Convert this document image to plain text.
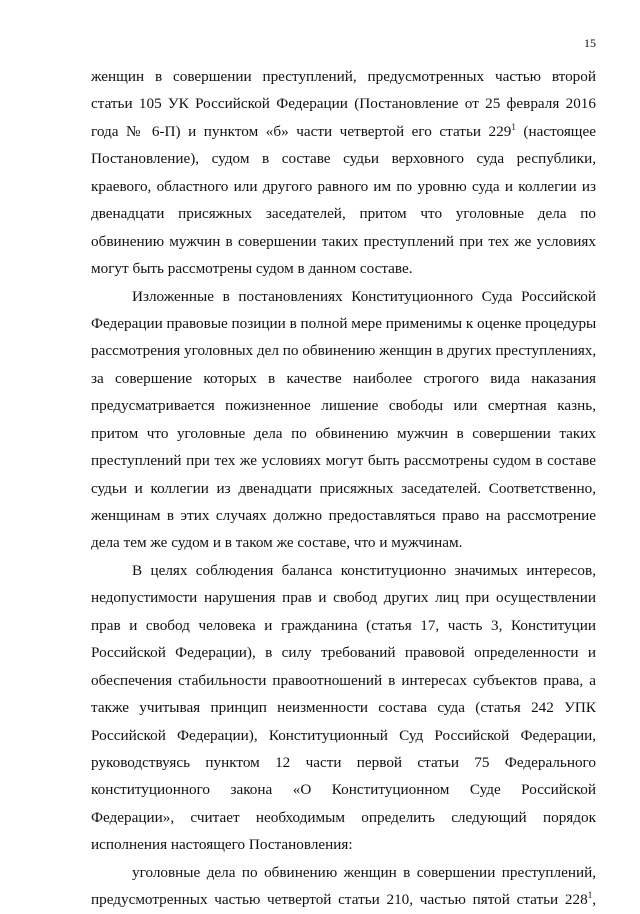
15
женщин в совершении преступлений, предусмотренных частью второй
статьи 105 УК Российской Федерации (Постановление от 25 февраля 2016
года № 6-П) и пунктом «б» части четвертой его статьи $229^1$ (настоящее
Постановление), судом в составе судьи верховного суда республики,
краевого, областного или другого равного им по уровню суда и коллегии из
двенадцати присяжных заседателей, притом что уголовные дела по
обвинению мужчин в совершении таких преступлений при тех же условиях
могут быть рассмотрены судом в данном составе.
Изложенные в постановлениях Конституционного Суда Российской
Федерации правовые позиции в полной мере применимы к оценке процедуры
рассмотрения уголовных дел по обвинению женщин в других преступлениях,
за совершение которых в качестве наиболее строгого вида наказания
предусматривается пожизненное лишение свободы или смертная казнь,
притом что уголовные дела по обвинению мужчин в совершении таких
преступлений при тех же условиях могут быть рассмотрены судом в составе
судьи и коллегии из двенадцати присяжных заседателей. Соответственно,
женщинам в этих случаях должно предоставляться право на рассмотрение
дела тем же судом и в таком же составе, что и мужчинам.
В целях соблюдения баланса конституционно значимых интересов,
недопустимости нарушения прав и свобод других лиц при осуществлении
прав и свобод человека и гражданина (статья 17, часть 3, Конституции
Российской Федерации), в силу требований правовой определенности и
обеспечения стабильности правоотношений в интересах субъектов права, а
также учитывая принцип неизменности состава суда (статья 242 УПК
Российской Федерации), Конституционный Суд Российской Федерации,
руководствуясь пунктом 12 части первой статьи 75 Федерального
конституционного закона «О Конституционном Суде Российской
Федерации», считает необходимым определить следующий порядок
исполнения настоящего Постановления:
уголовные дела по обвинению женщин в совершении преступлений,
предусмотренных частью четвертой статьи 210, частью пятой статьи $228^1$,
